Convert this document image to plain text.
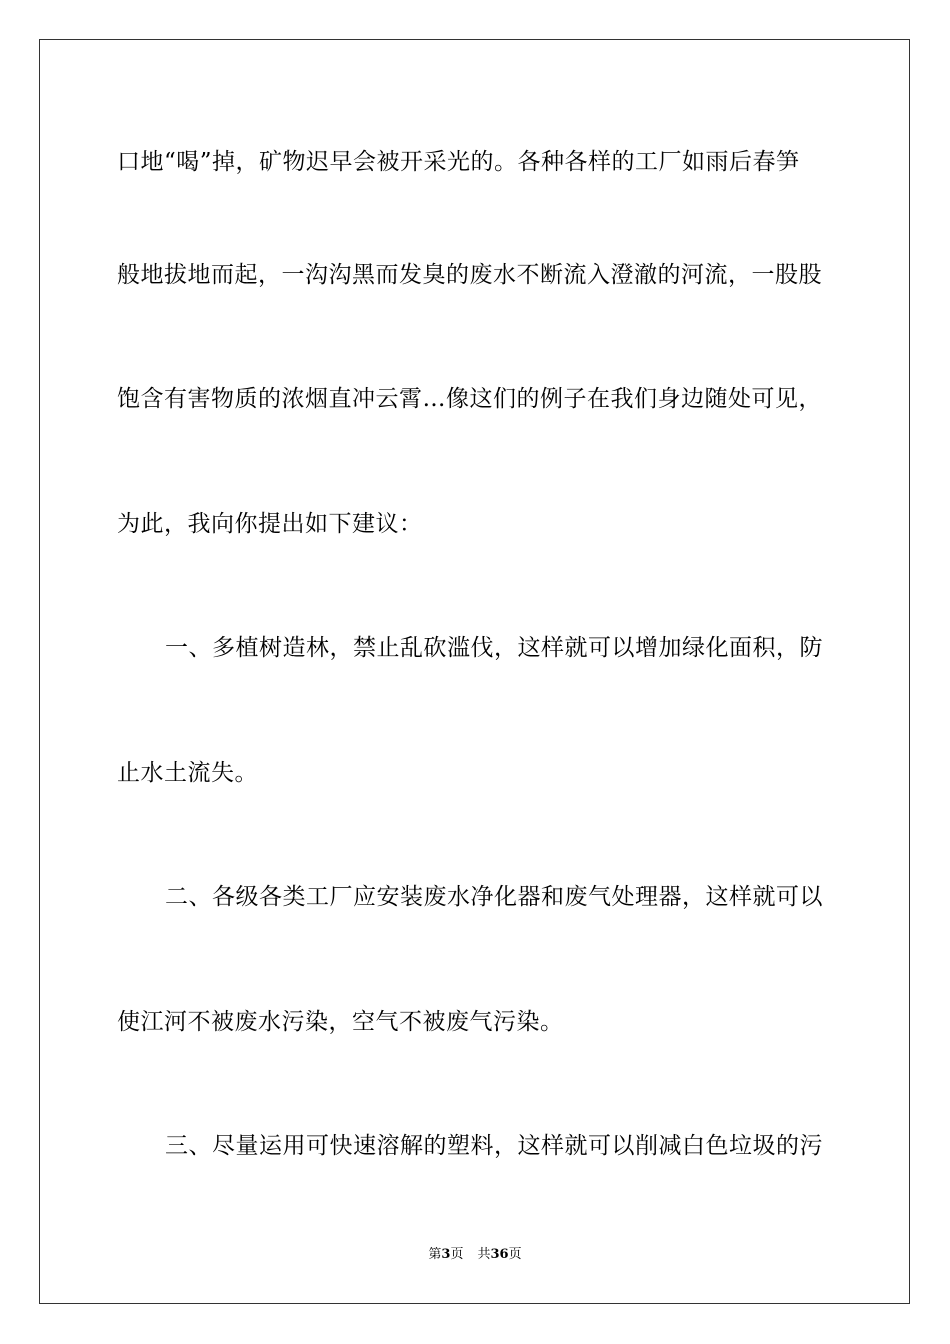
口地“喝”掉，矿物迟早会被开采光的。各种各样的工厂如雨后春笋
般地拔地而起，一沟沟黑而发臭的废水不断流入澄澈的河流，一股股
饱含有害物质的浓烟直冲云霄…像这们的例子在我们身边随处可见，
为此，我向你提出如下建议：
一、多植树造林，禁止乱砍滥伐，这样就可以增加绿化面积，防
止水土流失。
二、各级各类工厂应安装废水净化器和废气处理器，这样就可以
使江河不被废水污染，空气不被废气污染。
三、尽量运用可快速溶解的塑料，这样就可以削减白色垃圾的污
第3页 共36页
